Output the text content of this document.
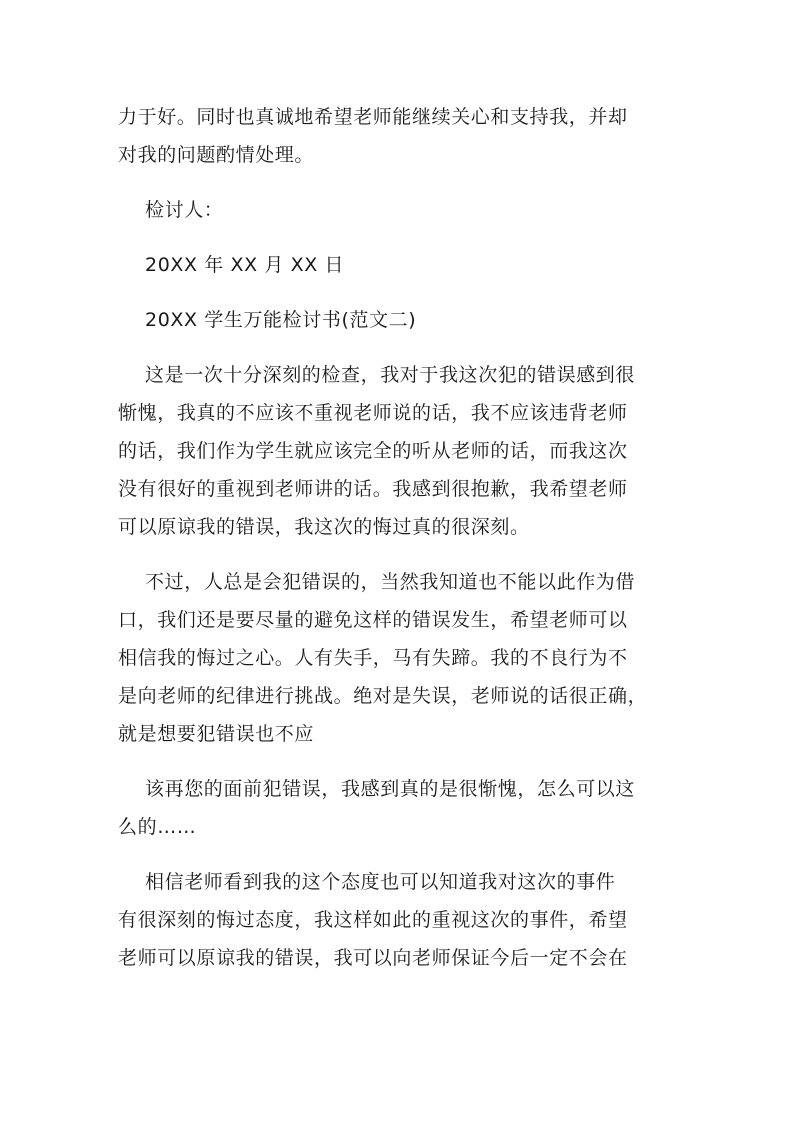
力于好。同时也真诚地希望老师能继续关心和支持我，并却
对我的问题酌情处理。

检讨人：

20XX 年 XX 月 XX 日

20XX 学生万能检讨书(范文二)

这是一次十分深刻的检查，我对于我这次犯的错误感到很
惭愧，我真的不应该不重视老师说的话，我不应该违背老师
的话，我们作为学生就应该完全的听从老师的话，而我这次
没有很好的重视到老师讲的话。我感到很抱歉，我希望老师
可以原谅我的错误，我这次的悔过真的很深刻。

不过，人总是会犯错误的，当然我知道也不能以此作为借
口，我们还是要尽量的避免这样的错误发生，希望老师可以
相信我的悔过之心。人有失手，马有失蹄。我的不良行为不
是向老师的纪律进行挑战。绝对是失误，老师说的话很正确，
就是想要犯错误也不应

该再您的面前犯错误，我感到真的是很惭愧，怎么可以这
么的……

相信老师看到我的这个态度也可以知道我对这次的事件
有很深刻的悔过态度，我这样如此的重视这次的事件，希望
老师可以原谅我的错误，我可以向老师保证今后一定不会在
